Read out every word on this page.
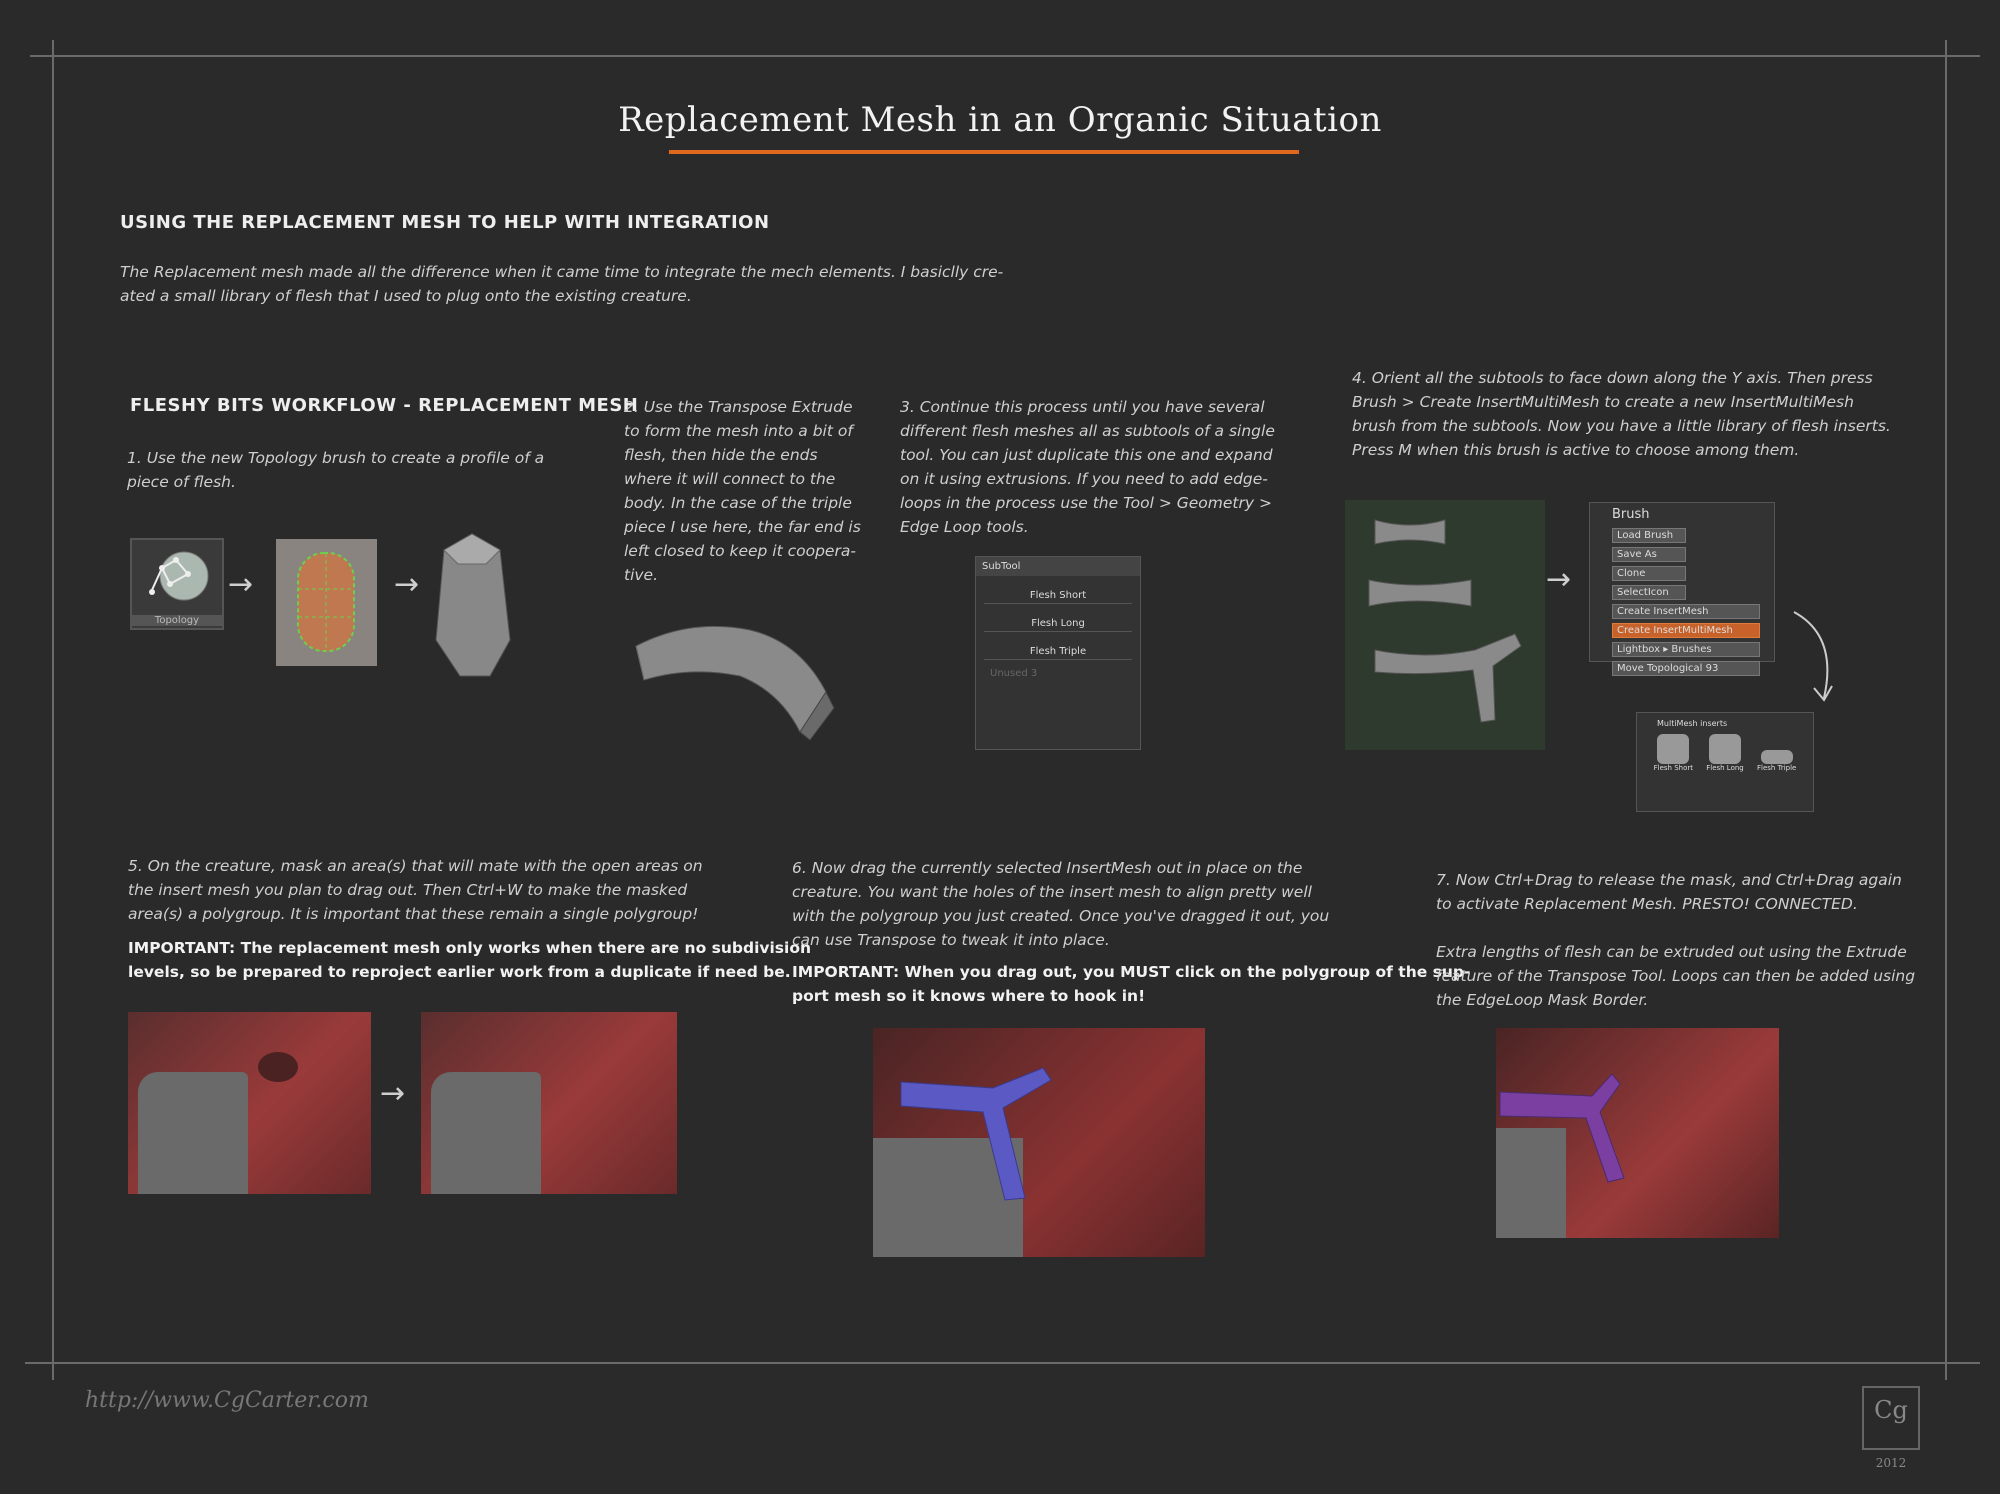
Replacement Mesh in an Organic Situation
USING THE REPLACEMENT MESH TO HELP WITH INTEGRATION
The Replacement mesh made all the difference when it came time to integrate the mech elements. I basiclly cre-
ated a small library of flesh that I used to plug onto the existing creature.
FLESHY BITS WORKFLOW - REPLACEMENT MESH
1. Use the new Topology brush to create a profile of a
piece of flesh.
Topology
→	→
2. Use the Transpose Extrude
to form the mesh into a bit of
flesh, then hide the ends
where it will connect to the
body. In the case of the triple
piece I use here, the far end is
left closed to keep it coopera-
tive.
3. Continue this process until you have several
different flesh meshes all as subtools of a single
tool. You can just duplicate this one and expand
on it using extrusions. If you need to add edge-
loops in the process use the Tool > Geometry >
Edge Loop tools.
SubTool
Flesh Short
Flesh Long
Flesh Triple
Unused 3
4. Orient all the subtools to face down along the Y axis. Then press
Brush > Create InsertMultiMesh to create a new InsertMultiMesh
brush from the subtools. Now you have a little library of flesh inserts.
Press M when this brush is active to choose among them.
→
Brush
Load BrushSave As CloneSelectIcon Create InsertMesh Create InsertMultiMesh Lightbox ▸ Brushes Move Topological 93
MultiMesh inserts
Flesh Short Flesh Long Flesh Triple
5. On the creature, mask an area(s) that will mate with the open areas on
the insert mesh you plan to drag out. Then Ctrl+W to make the masked
area(s) a polygroup. It is important that these remain a single polygroup!
IMPORTANT: The replacement mesh only works when there are no subdivision
levels, so be prepared to reproject earlier work from a duplicate if need be.
→
6. Now drag the currently selected InsertMesh out in place on the
creature. You want the holes of the insert mesh to align pretty well
with the polygroup you just created. Once you've dragged it out, you
can use Transpose to tweak it into place.
IMPORTANT: When you drag out, you MUST click on the polygroup of the sup-
port mesh so it knows where to hook in!
7. Now Ctrl+Drag to release the mask, and Ctrl+Drag again
to activate Replacement Mesh. PRESTO! CONNECTED.
Extra lengths of flesh can be extruded out using the Extrude
feature of the Transpose Tool. Loops can then be added using
the EdgeLoop Mask Border.
http://www.CgCarter.com	Cg
2012
